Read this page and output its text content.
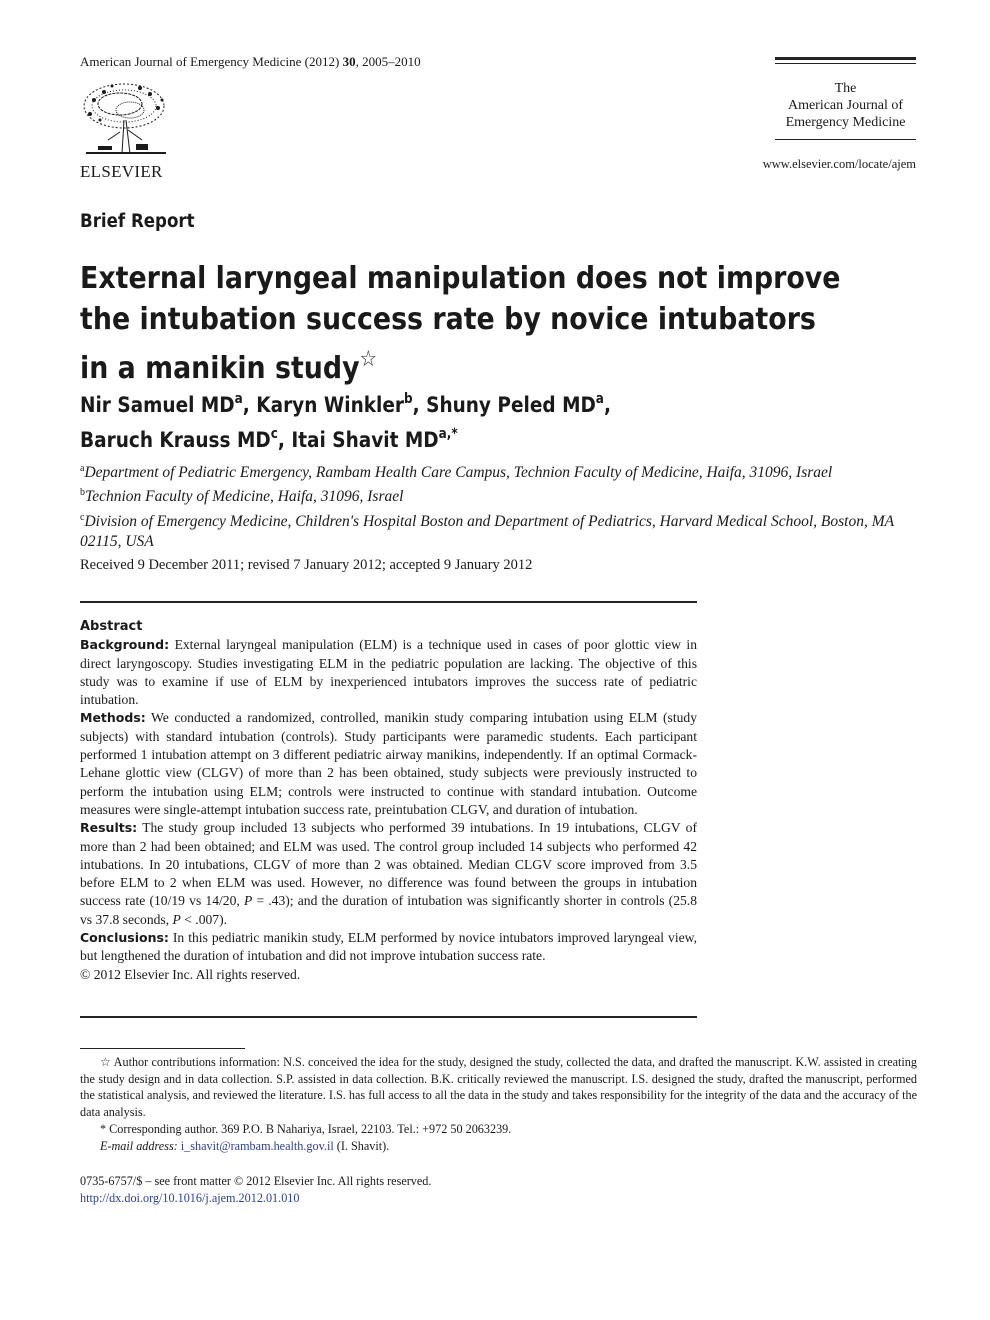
American Journal of Emergency Medicine (2012) 30, 2005–2010
ELSEVIER
The
American Journal of
Emergency Medicine
www.elsevier.com/locate/ajem
Brief Report
External laryngeal manipulation does not improve
the intubation success rate by novice intubators
in a manikin study☆
Nir Samuel $MD^a$, Karyn Winkler$^b$, Shuny Peled $MD^a$,
Baruch Krauss $MD^c$, Itai Shavit $MD^{a,*}$
$^a$Department of Pediatric Emergency, Rambam Health Care Campus, Technion Faculty of Medicine, Haifa, 31096, Israel
$^b$Technion Faculty of Medicine, Haifa, 31096, Israel
$^c$Division of Emergency Medicine, Children's Hospital Boston and Department of Pediatrics, Harvard Medical School, Boston, MA 02115, USA
Received 9 December 2011; revised 7 January 2012; accepted 9 January 2012
Abstract

Background: External laryngeal manipulation (ELM) is a technique used in cases of poor glottic view in direct laryngoscopy. Studies investigating ELM in the pediatric population are lacking. The objective of this study was to examine if use of ELM by inexperienced intubators improves the success rate of pediatric intubation.

Methods: We conducted a randomized, controlled, manikin study comparing intubation using ELM (study subjects) with standard intubation (controls). Study participants were paramedic students. Each participant performed 1 intubation attempt on 3 different pediatric airway manikins, independently. If an optimal Cormack-Lehane glottic view (CLGV) of more than 2 has been obtained, study subjects were previously instructed to perform the intubation using ELM; controls were instructed to continue with standard intubation. Outcome measures were single-attempt intubation success rate, preintubation CLGV, and duration of intubation.

Results: The study group included 13 subjects who performed 39 intubations. In 19 intubations, CLGV of more than 2 had been obtained; and ELM was used. The control group included 14 subjects who performed 42 intubations. In 20 intubations, CLGV of more than 2 was obtained. Median CLGV score improved from 3.5 before ELM to 2 when ELM was used. However, no difference was found between the groups in intubation success rate (10/19 vs 14/20, P = .43); and the duration of intubation was significantly shorter in controls (25.8 vs 37.8 seconds, P < .007).

Conclusions: In this pediatric manikin study, ELM performed by novice intubators improved laryngeal view, but lengthened the duration of intubation and did not improve intubation success rate.

© 2012 Elsevier Inc. All rights reserved.

☆ Author contributions information: N.S. conceived the idea for the study, designed the study, collected the data, and drafted the manuscript. K.W. assisted in creating the study design and in data collection. S.P. assisted in data collection. B.K. critically reviewed the manuscript. I.S. designed the study, drafted the manuscript, performed the statistical analysis, and reviewed the literature. I.S. has full access to all the data in the study and takes responsibility for the integrity of the data and the accuracy of the data analysis.

* Corresponding author. 369 P.O. B Nahariya, Israel, 22103. Tel.: +972 50 2063239.

E-mail address: i_shavit@rambam.health.gov.il (I. Shavit).

0735-6757/$ – see front matter © 2012 Elsevier Inc. All rights reserved.
http://dx.doi.org/10.1016/j.ajem.2012.01.010
